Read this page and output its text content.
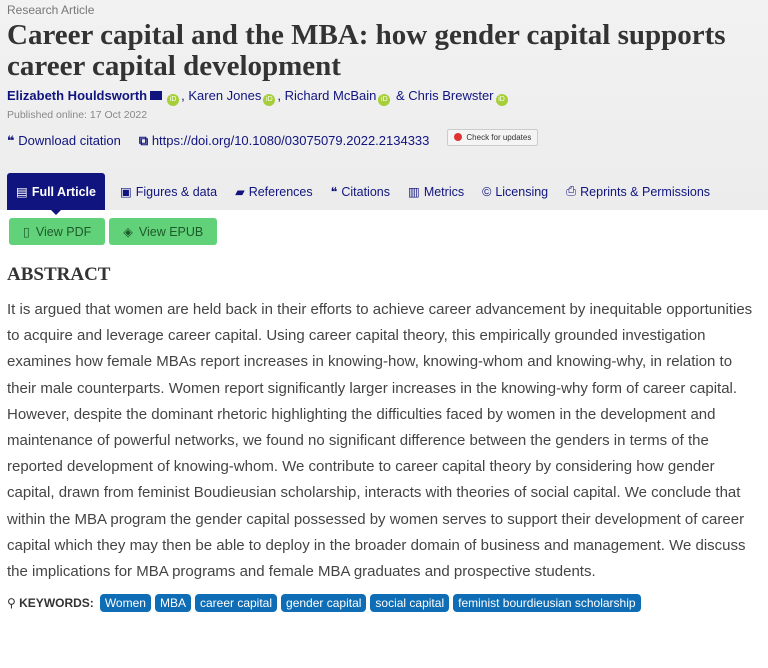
Research Article
Career capital and the MBA: how gender capital supports career capital development
Elizabeth Houldsworth	iD , Karen Jones iD , Richard McBain iD & Chris Brewster iD
Published online: 17 Oct 2022
❝ Download citation ⧉ https://doi.org/10.1080/03075079.2022.2134333	Check for updates
▤ Full Article ▣ Figures & data ▰ References ❝ Citations ▥ Metrics © Licensing ⎙ Reprints & Permissions
▯ View PDF	◈ View EPUB
ABSTRACT

It is argued that women are held back in their efforts to achieve career advancement by inequitable opportunities to acquire and leverage career capital. Using career capital theory, this empirically grounded investigation examines how female MBAs report increases in knowing-how, knowing-whom and knowing-why, in relation to their male counterparts. Women report significantly larger increases in the knowing-why form of career capital. However, despite the dominant rhetoric highlighting the difficulties faced by women in the development and maintenance of powerful networks, we found no significant difference between the genders in terms of the reported development of knowing-whom. We contribute to career capital theory by considering how gender capital, drawn from feminist Boudieusian scholarship, interacts with theories of social capital. We conclude that within the MBA program the gender capital possessed by women serves to support their development of career capital which they may then be able to deploy in the broader domain of business and management. We discuss the implications for MBA programs and female MBA graduates and prospective students.

⚲ KEYWORDS: Women	MBA	career capital	gender capital	social capital	feminist bourdieusian scholarship
